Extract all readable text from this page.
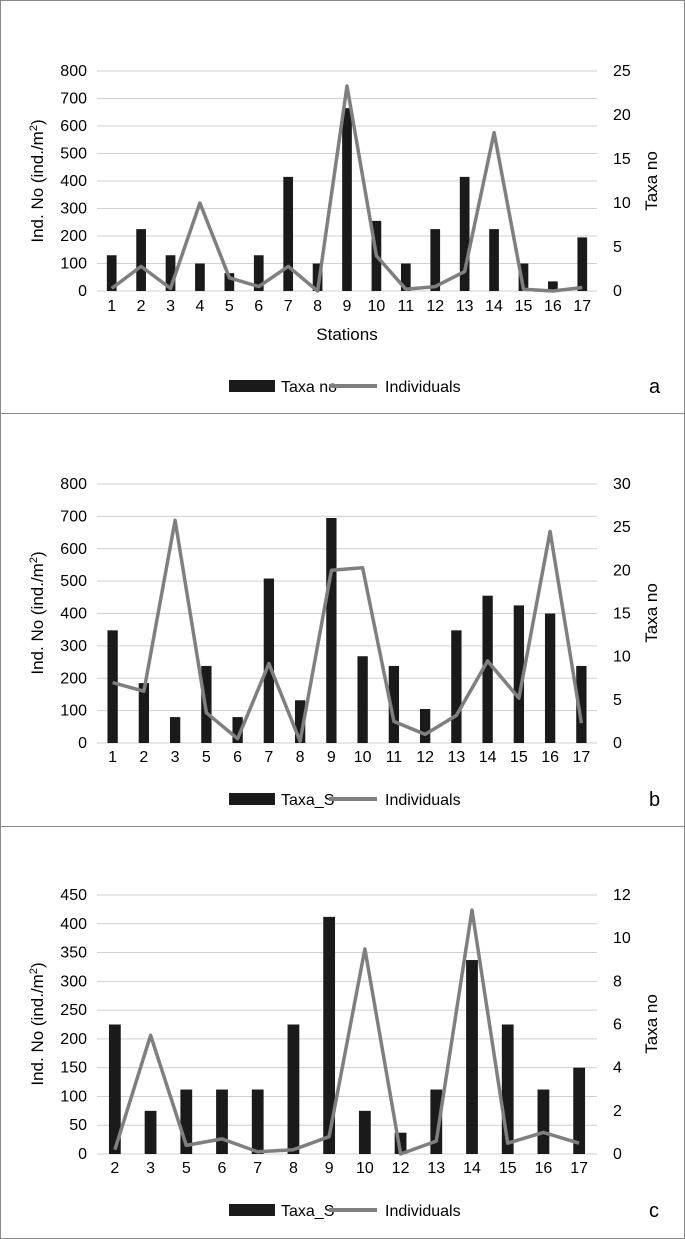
0
100
200
300
400
500
600
700
800
0
5
10
15
20
25
1 2 3 4 5 6 7 8 9 10 11 12 13 14 15 16 17
Stations
Ind. No $(ind./m^2)$
Taxa no
Taxa no	Individuals	a
0
100
200
300
400
500
600
700
800
0
5
10
15
20
25
30
1 2 3 5 6 7 8 9 10 11 12 13 14 15 16 17
Ind. No $(ind./m^2)$
Taxa no
Taxa_S	Individuals	b
0
50
100
150
200
250
300
350
400
450
0
2
4
6
8
10
12
2 3 5 6 7 8 9 10 12 13 14 15 16 17
Ind. No $(ind./m^2)$
Taxa no
Taxa_S	Individuals	c
